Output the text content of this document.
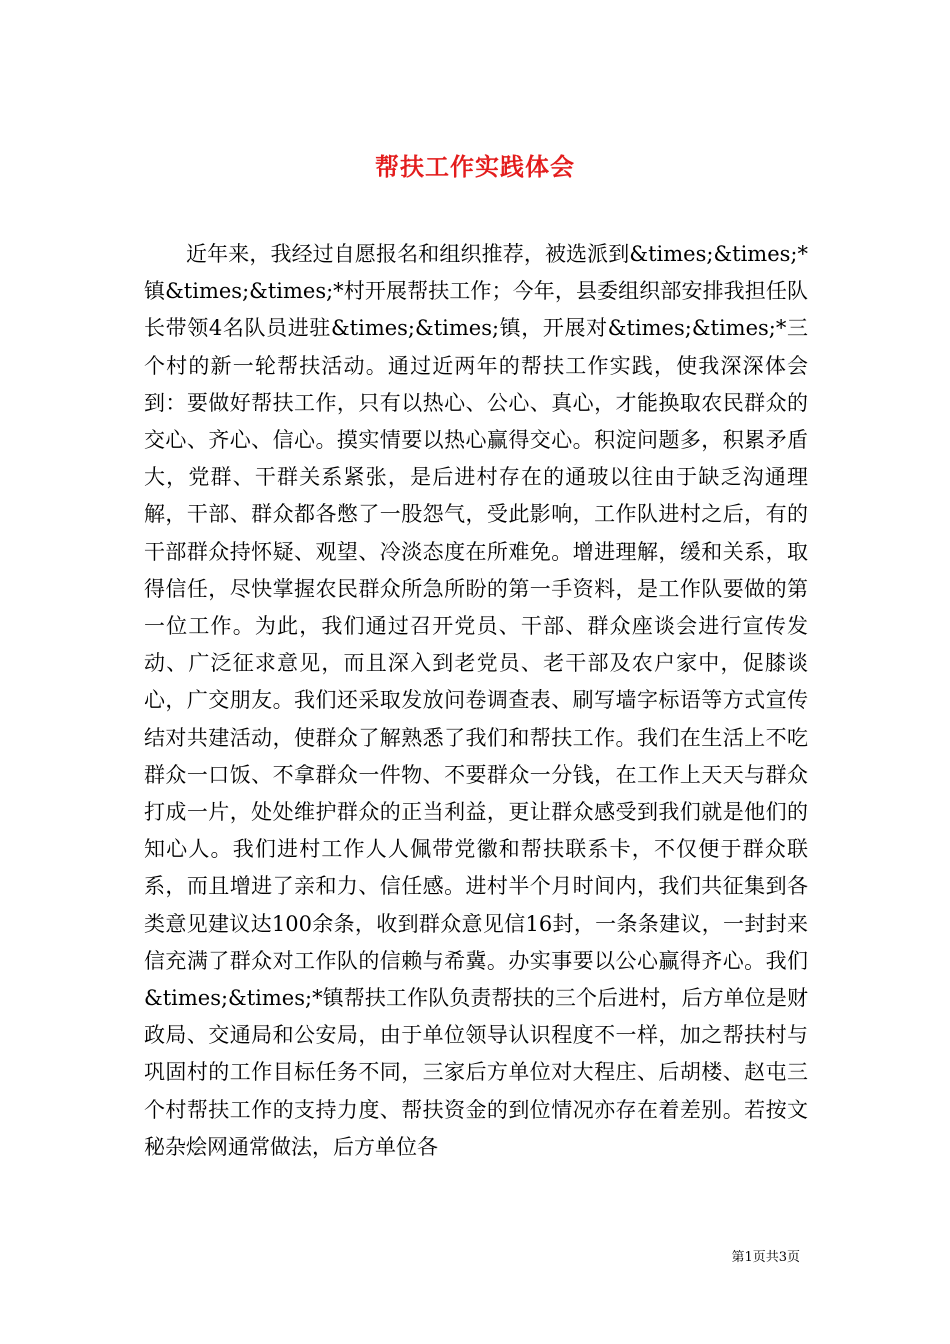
帮扶工作实践体会

近年来，我经过自愿报名和组织推荐，被选派到&times;&times;*镇&times;&times;*村开展帮扶工作；今年，县委组织部安排我担任队长带领4名队员进驻&times;&times;镇，开展对&times;&times;*三个村的新一轮帮扶活动。通过近两年的帮扶工作实践，使我深深体会到：要做好帮扶工作，只有以热心、公心、真心，才能换取农民群众的交心、齐心、信心。摸实情要以热心赢得交心。积淀问题多，积累矛盾大，党群、干群关系紧张，是后进村存在的通玻以往由于缺乏沟通理解，干部、群众都各憋了一股怨气，受此影响，工作队进村之后，有的干部群众持怀疑、观望、冷淡态度在所难免。增进理解，缓和关系，取得信任，尽快掌握农民群众所急所盼的第一手资料，是工作队要做的第一位工作。为此，我们通过召开党员、干部、群众座谈会进行宣传发动、广泛征求意见，而且深入到老党员、老干部及农户家中，促膝谈心，广交朋友。我们还采取发放问卷调查表、刷写墙字标语等方式宣传结对共建活动，使群众了解熟悉了我们和帮扶工作。我们在生活上不吃群众一口饭、不拿群众一件物、不要群众一分钱，在工作上天天与群众打成一片，处处维护群众的正当利益，更让群众感受到我们就是他们的知心人。我们进村工作人人佩带党徽和帮扶联系卡，不仅便于群众联系，而且增进了亲和力、信任感。进村半个月时间内，我们共征集到各类意见建议达100余条，收到群众意见信16封，一条条建议，一封封来信充满了群众对工作队的信赖与希冀。办实事要以公心赢得齐心。我们&times;&times;*镇帮扶工作队负责帮扶的三个后进村，后方单位是财政局、交通局和公安局，由于单位领导认识程度不一样，加之帮扶村与巩固村的工作目标任务不同，三家后方单位对大程庄、后胡楼、赵屯三个村帮扶工作的支持力度、帮扶资金的到位情况亦存在着差别。若按文秘杂烩网通常做法，后方单位各

第1页共3页
